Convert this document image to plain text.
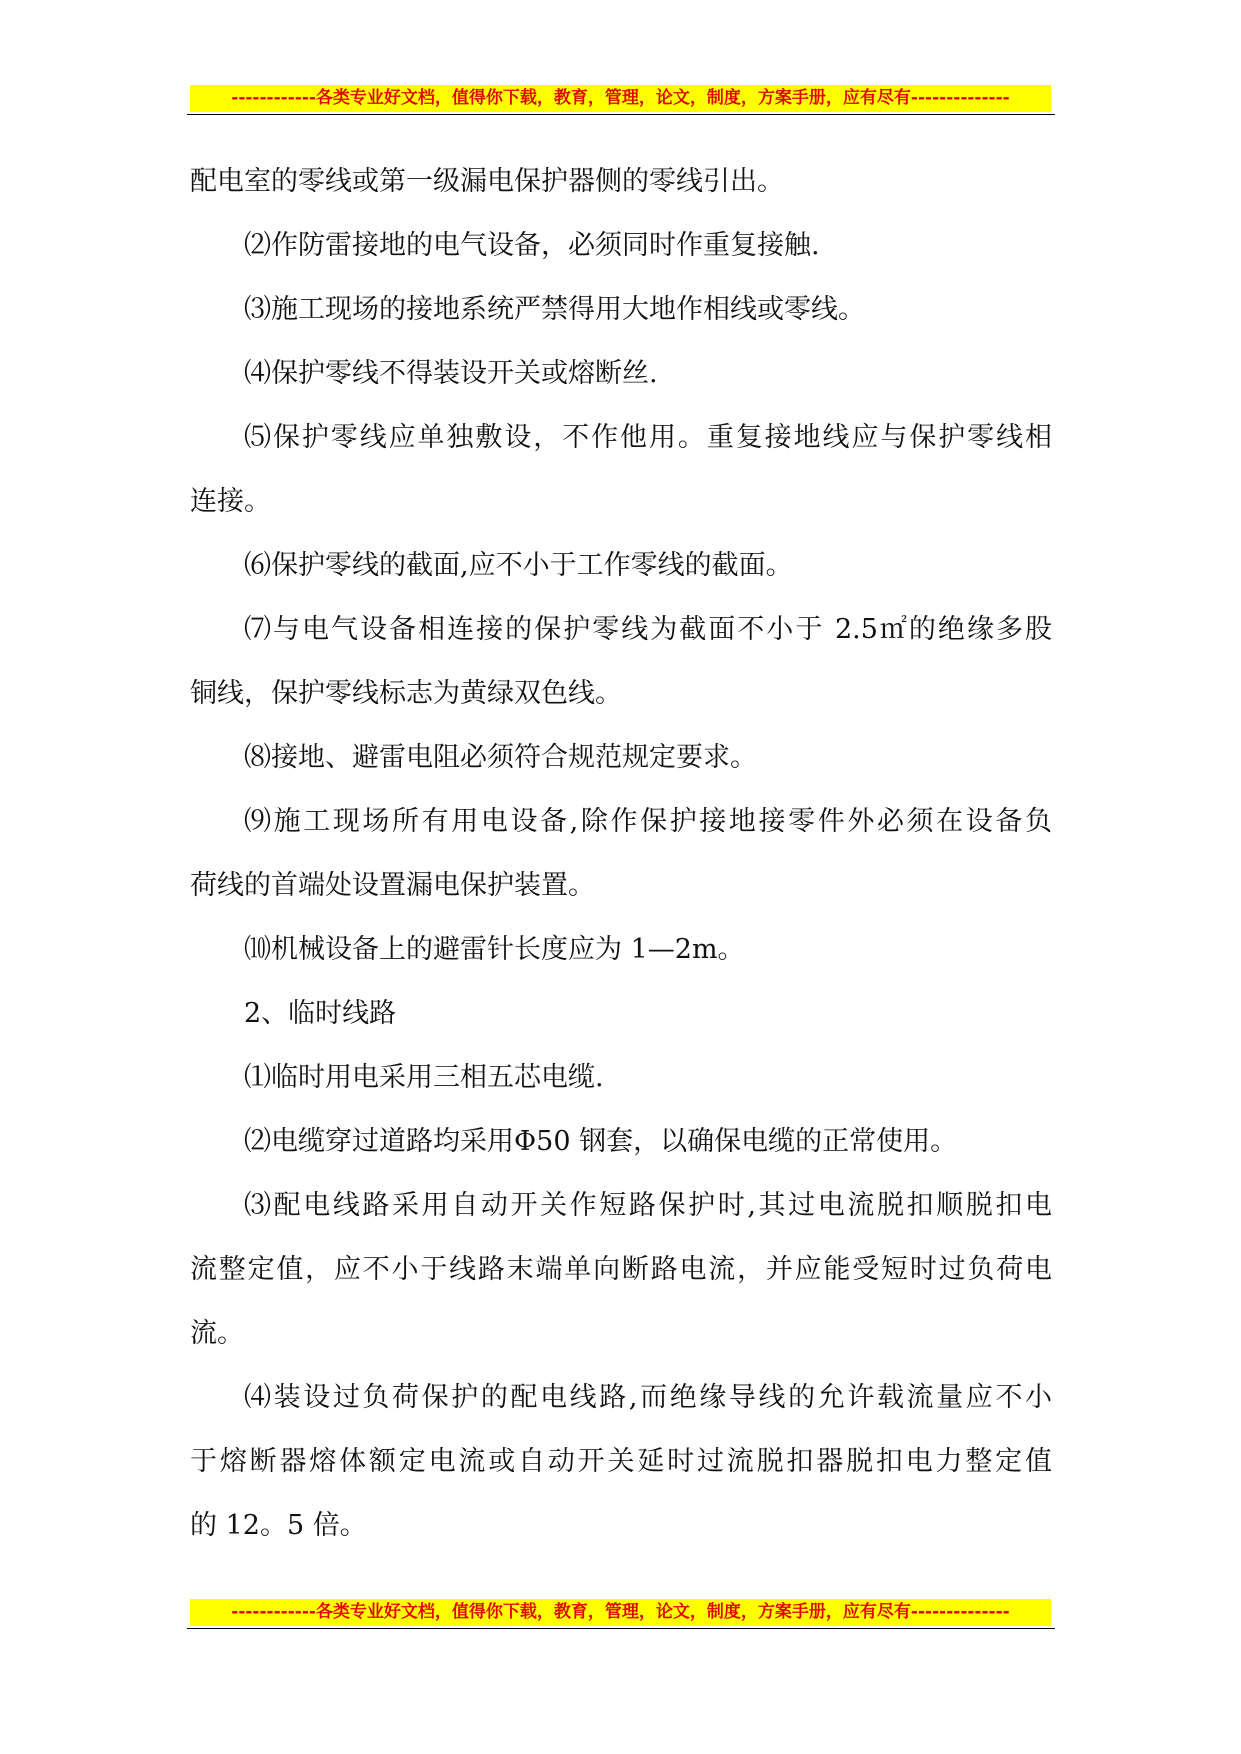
------------各类专业好文档，值得你下载，教育，管理，论文，制度，方案手册，应有尽有--------------
配电室的零线或第一级漏电保护器侧的零线引出。
⑵作防雷接地的电气设备，必须同时作重复接触.
⑶施工现场的接地系统严禁得用大地作相线或零线。
⑷保护零线不得装设开关或熔断丝.
⑸保护零线应单独敷设，不作他用。重复接地线应与保护零线相
连接。
⑹保护零线的截面,应不小于工作零线的截面。
⑺与电气设备相连接的保护零线为截面不小于 2.5㎡的绝缘多股
铜线，保护零线标志为黄绿双色线。
⑻接地、避雷电阻必须符合规范规定要求。
⑼施工现场所有用电设备,除作保护接地接零件外必须在设备负
荷线的首端处设置漏电保护装置。
⑽机械设备上的避雷针长度应为 1—2m。
2、临时线路
⑴临时用电采用三相五芯电缆.
⑵电缆穿过道路均采用Φ50 钢套，以确保电缆的正常使用。
⑶配电线路采用自动开关作短路保护时,其过电流脱扣顺脱扣电
流整定值，应不小于线路末端单向断路电流，并应能受短时过负荷电
流。
⑷装设过负荷保护的配电线路,而绝缘导线的允许载流量应不小
于熔断器熔体额定电流或自动开关延时过流脱扣器脱扣电力整定值
的 12。5 倍。
------------各类专业好文档，值得你下载，教育，管理，论文，制度，方案手册，应有尽有--------------
